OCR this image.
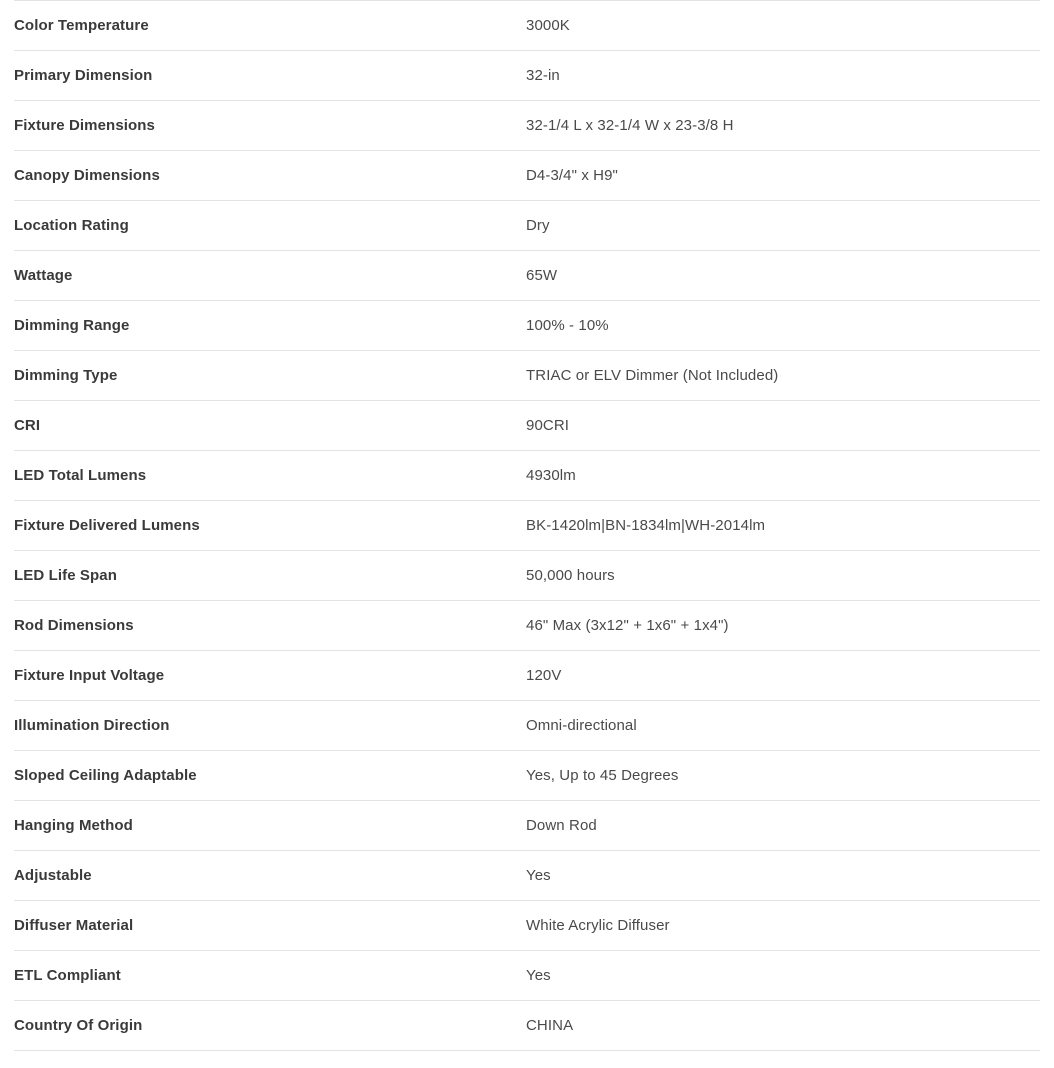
Color Temperature	3000K
Primary Dimension	32-in
Fixture Dimensions	32-1/4 L x 32-1/4 W x 23-3/8 H
Canopy Dimensions	D4-3/4" x H9"
Location Rating	Dry
Wattage	65W
Dimming Range	100% - 10%
Dimming Type	TRIAC or ELV Dimmer (Not Included)
CRI	90CRI
LED Total Lumens	4930lm
Fixture Delivered Lumens	BK-1420lm|BN-1834lm|WH-2014lm
LED Life Span	50,000 hours
Rod Dimensions	46" Max (3x12" + 1x6" + 1x4")
Fixture Input Voltage	120V
Illumination Direction	Omni-directional
Sloped Ceiling Adaptable	Yes, Up to 45 Degrees
Hanging Method	Down Rod
Adjustable	Yes
Diffuser Material	White Acrylic Diffuser
ETL Compliant	Yes
Country Of Origin	CHINA
